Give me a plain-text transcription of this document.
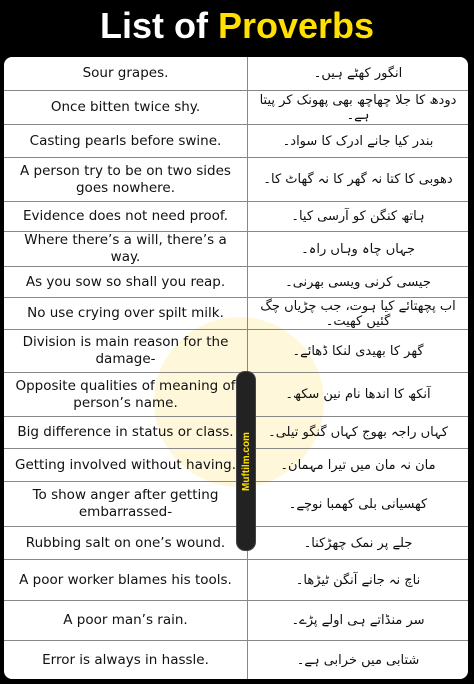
List of Proverbs
Sour grapes.	انگور کھٹے ہیں۔
Once bitten twice shy.	دودھ کا جلا چھاچھ بھی پھونک کر پیتا ہے۔
Casting pearls before swine.	بندر کیا جانے ادرک کا سواد۔
A person try to be on two sides goes nowhere.	دھوبی کا کتا نہ گھر کا نہ گھاٹ کا۔
Evidence does not need proof.	ہاتھ کنگن کو آرسی کیا۔
Where there’s a will, there’s a way.	جہاں چاہ وہاں راہ۔
As you sow so shall you reap.	جیسی کرنی ویسی بھرنی۔
No use crying over spilt milk.	اب پچھتائے کیا ہوت، جب چڑیاں چگ گئیں کھیت۔
Division is main reason for the damage-	گھر کا بھیدی لنکا ڈھائے۔
Opposite qualities of meaning of person’s name.	آنکھ کا اندھا نام نین سکھ۔
Big difference in status or class.	کہاں راجہ بھوج کہاں گنگو تیلی۔
Getting involved without having.	مان نہ مان میں تیرا مہمان۔
To show anger after getting embarrassed-	کھسیانی بلی کھمبا نوچے۔
Rubbing salt on one’s wound.	جلے پر نمک چھڑکنا۔
A poor worker blames his tools.	ناچ نہ جانے آنگن ٹیڑھا۔
A poor man’s rain.	سر منڈاتے ہی اولے پڑے۔
Error is always in hassle.	شتابی میں خرابی ہے۔
Muftilm.com
